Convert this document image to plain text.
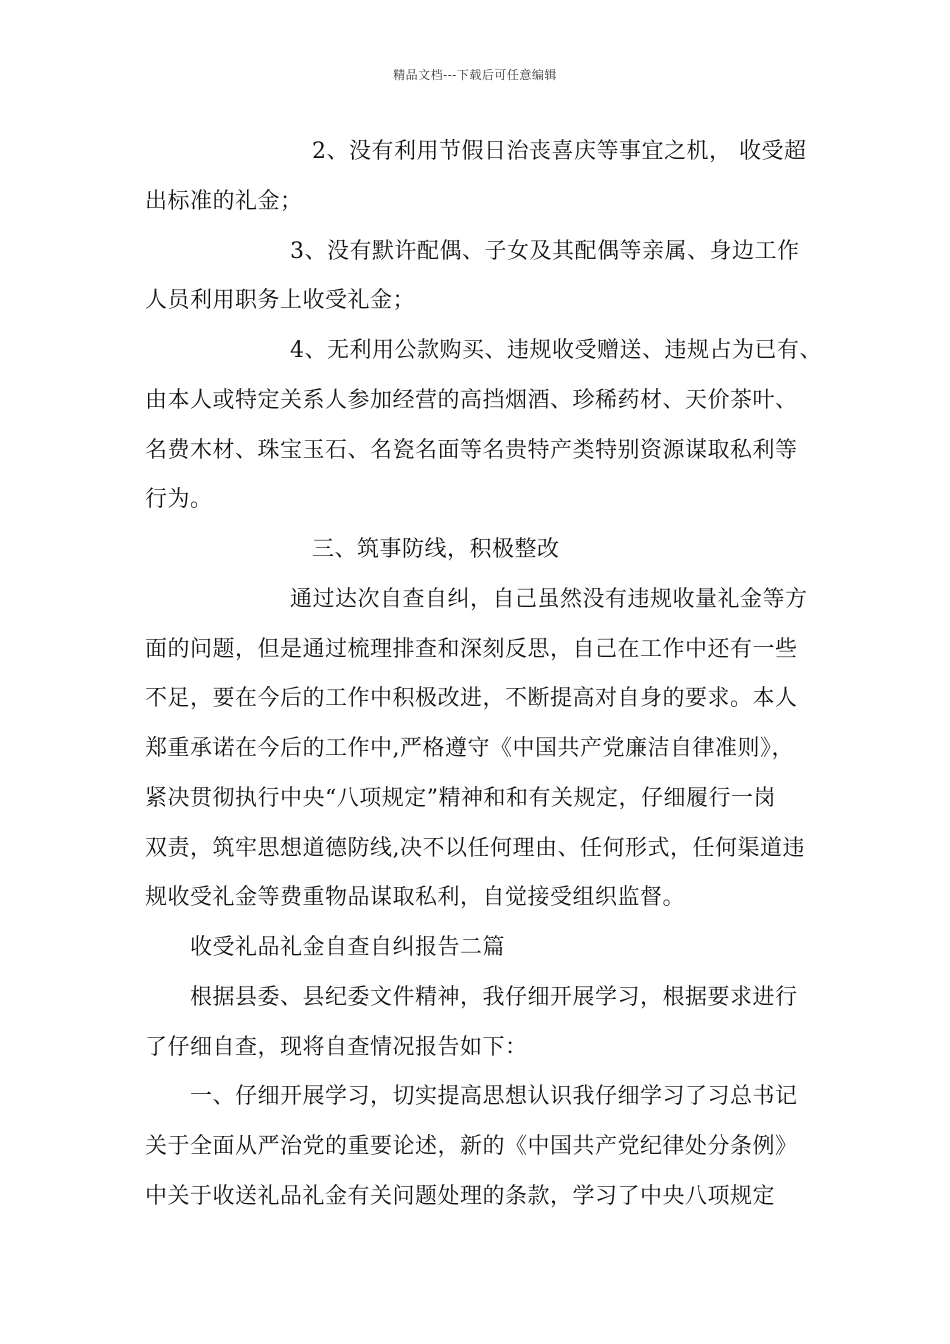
精品文档---下载后可任意编辑
2、没有利用节假日治丧喜庆等事宜之机， 收受超
出标准的礼金；
3、没有默许配偶、子女及其配偶等亲属、身边工作
人员利用职务上收受礼金；
4、无利用公款购买、违规收受赠送、违规占为已有、
由本人或特定关系人参加经营的高挡烟酒、珍稀药材、天价茶叶、
名费木材、珠宝玉石、名瓷名面等名贵特产类特别资源谋取私利等
行为。
三、筑事防线，积极整改
通过达次自查自纠，自己虽然没有违规收量礼金等方
面的问题，但是通过梳理排查和深刻反思，自己在工作中还有一些
不足，要在今后的工作中积极改进，不断提高对自身的要求。本人
郑重承诺在今后的工作中,严格遵守《中国共产党廉洁自律准则》，
紧决贯彻执行中央“八项规定”精神和和有关规定，仔细履行一岗
双责，筑牢思想道德防线,决不以任何理由、任何形式，任何渠道违
规收受礼金等费重物品谋取私利，自觉接受组织监督。
收受礼品礼金自查自纠报告二篇
根据县委、县纪委文件精神，我仔细开展学习，根据要求进行
了仔细自查，现将自查情况报告如下：
一、仔细开展学习，切实提高思想认识我仔细学习了习总书记
关于全面从严治党的重要论述，新的《中国共产党纪律处分条例》
中关于收送礼品礼金有关问题处理的条款，学习了中央八项规定
